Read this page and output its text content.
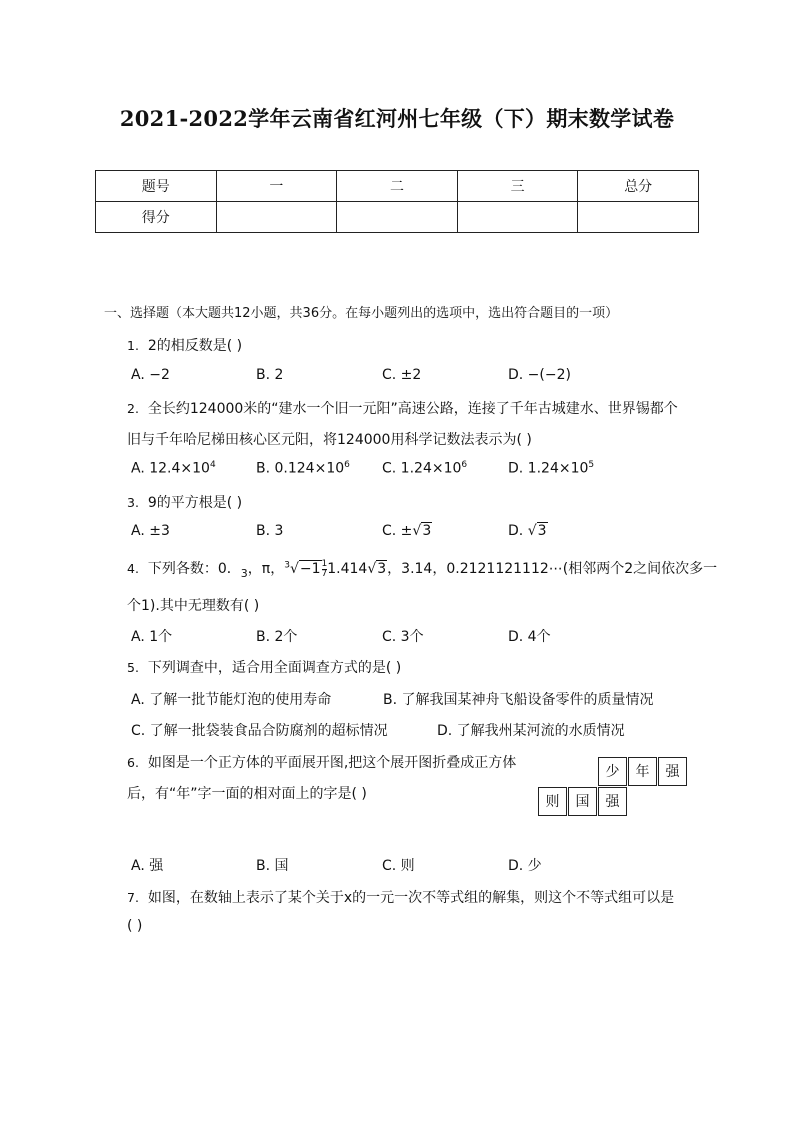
2021-2022学年云南省红河州七年级（下）期末数学试卷
题号	一	二	三	总分
得分				
一、选择题（本大题共12小题，共36分。在每小题列出的选项中，选出符合题目的一项）
1. 2的相反数是( )
A. −2	B. 2	C. ±2	D. −(−2)
2. 全长约124000米的“建水一个旧一元阳”高速公路，连接了千年古城建水、世界锡都个
旧与千年哈尼梯田核心区元阳，将124000用科学记数法表示为( )
A. $12.4\times 10^4$	B. $0.124\times 10^6$ C. $1.24\times 10^6$	D. $1.24\times 10^5$
3. 9的平方根是( )
A. ±3	B. 3	C. ±√3	D. √3
4. 下列各数：0．$_3$，π，$^3√-1 \frac{1}{7} 1.414√3$，3.14，0.2121121112⋯(相邻两个2之间依次多一
个1).其中无理数有( )
A. 1个	B. 2个	C. 3个	D. 4个
5. 下列调查中，适合用全面调查方式的是( )
A. 了解一批节能灯泡的使用寿命	B. 了解我国某神舟飞船设备零件的质量情况
C. 了解一批袋装食品合防腐剂的超标情况	D. 了解我州某河流的水质情况
6. 如图是一个正方体的平面展开图,把这个展开图折叠成正方体
后，有“年”字一面的相对面上的字是( )
少	年	强
则	国	强
A. 强	B. 国	C. 则	D. 少
7. 如图，在数轴上表示了某个关于x的一元一次不等式组的解集，则这个不等式组可以是
( )
